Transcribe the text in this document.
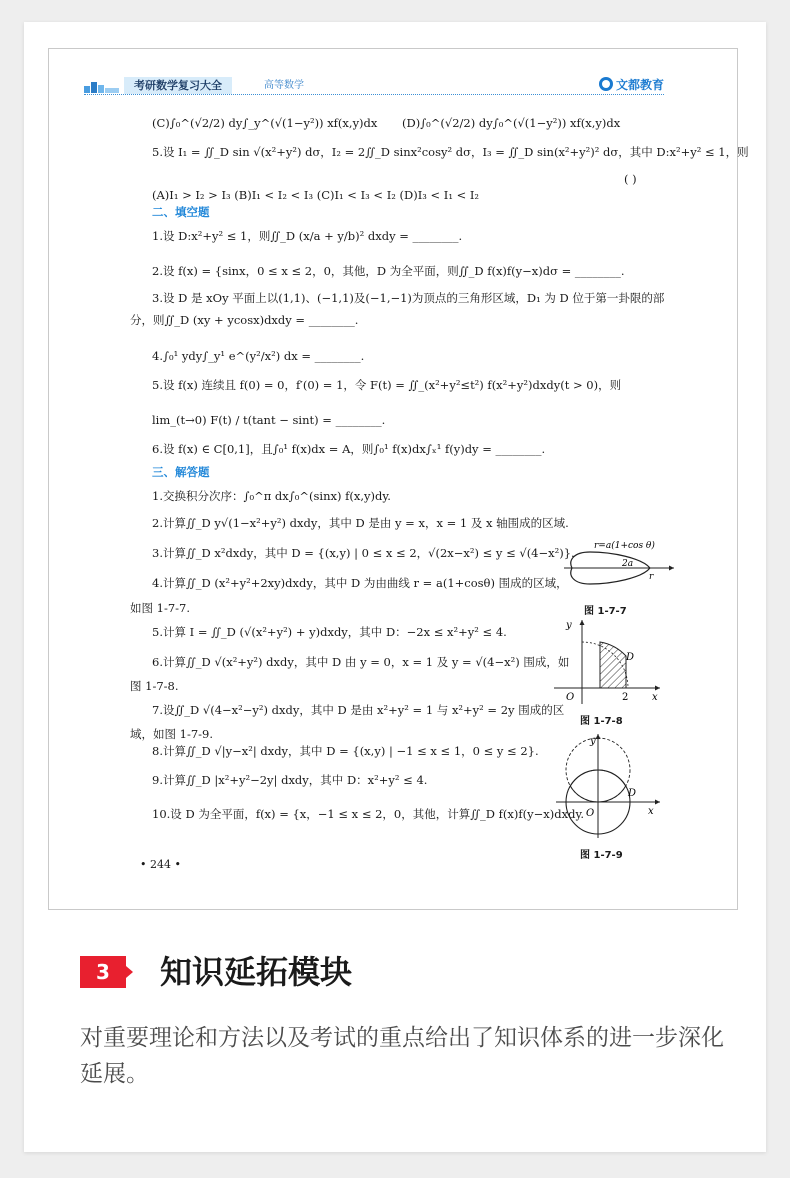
考研数学复习大全	高等数学	文都教育
(C)∫₀^(√2/2) dy∫_y^(√(1−y²)) xf(x,y)dx (D)∫₀^(√2/2) dy∫₀^(√(1−y²)) xf(x,y)dx
5.设 I₁ = ∬_D sin √(x²+y²) dσ，I₂ = 2∬_D sinx²cosy² dσ，I₃ = ∬_D sin(x²+y²)² dσ，其中 D:x²+y² ≤ 1，则
( )
(A)I₁ > I₂ > I₃ (B)I₁ < I₂ < I₃ (C)I₁ < I₃ < I₂ (D)I₃ < I₁ < I₂
二、填空题
1.设 D:x²+y² ≤ 1，则∬_D (x/a + y/b)² dxdy = ________.
2.设 f(x) = {sinx，0 ≤ x ≤ 2，0，其他，D 为全平面，则∬_D f(x)f(y−x)dσ = ________.
3.设 D 是 xOy 平面上以(1,1)、(−1,1)及(−1,−1)为顶点的三角形区域，D₁ 为 D 位于第一卦限的部
分，则∬_D (xy + ycosx)dxdy = ________.
4.∫₀¹ ydy∫_y¹ e^(y²/x²) dx = ________.
5.设 f(x) 连续且 f(0) = 0，f′(0) = 1，令 F(t) = ∬_(x²+y²≤t²) f(x²+y²)dxdy(t > 0)，则
lim_(t→0) F(t) / t(tant − sint) = ________.
6.设 f(x) ∈ C[0,1]，且∫₀¹ f(x)dx = A，则∫₀¹ f(x)dx∫ₓ¹ f(y)dy = ________.
三、解答题
1.交换积分次序：∫₀^π dx∫₀^(sinx) f(x,y)dy.
2.计算∬_D y√(1−x²+y²) dxdy，其中 D 是由 y = x，x = 1 及 x 轴围成的区域.
3.计算∬_D x²dxdy，其中 D = {(x,y) | 0 ≤ x ≤ 2，√(2x−x²) ≤ y ≤ √(4−x²)}.
4.计算∬_D (x²+y²+2xy)dxdy，其中 D 为由曲线 r = a(1+cosθ) 围成的区域，
如图 1-7-7.
5.计算 I = ∬_D (√(x²+y²) + y)dxdy，其中 D：−2x ≤ x²+y² ≤ 4.
6.计算∬_D √(x²+y²) dxdy，其中 D 由 y = 0，x = 1 及 y = √(4−x²) 围成，如
图 1-7-8.
7.设∬_D √(4−x²−y²) dxdy，其中 D 是由 x²+y² = 1 与 x²+y² = 2y 围成的区
域，如图 1-7-9.
8.计算∬_D √|y−x²| dxdy，其中 D = {(x,y) | −1 ≤ x ≤ 1，0 ≤ y ≤ 2}.
9.计算∬_D |x²+y²−2y| dxdy，其中 D：x²+y² ≤ 4.
10.设 D 为全平面，f(x) = {x，−1 ≤ x ≤ 2，0，其他，计算∬_D f(x)f(y−x)dxdy.
• 244 •
r=a(1+cos θ)
2a
r
图 1-7-7
O	2 x
y
D
图 1-7-8
O	x
y
D
图 1-7-9
3	知识延拓模块
对重要理论和方法以及考试的重点给出了知识体系的进一步深化延展。
